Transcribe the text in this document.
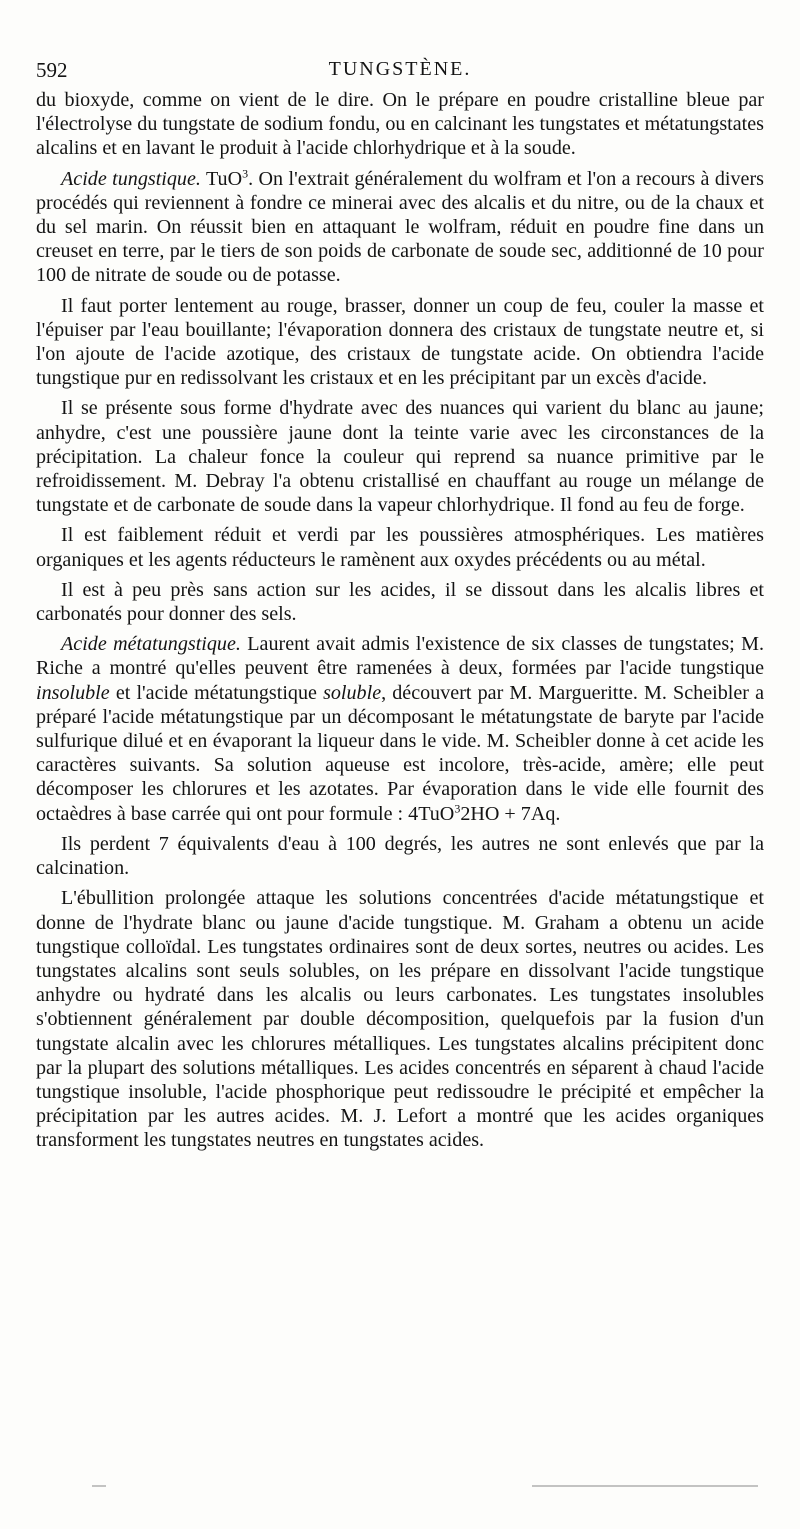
592	TUNGSTÈNE.

du bioxyde, comme on vient de le dire. On le prépare en poudre cristalline bleue par l'électrolyse du tungstate de sodium fondu, ou en calcinant les tungstates et métatungstates alcalins et en lavant le produit à l'acide chlorhydrique et à la soude.

Acide tungstique. TuO$^3$. On l'extrait généralement du wolfram et l'on a recours à divers procédés qui reviennent à fondre ce minerai avec des alcalis et du nitre, ou de la chaux et du sel marin. On réussit bien en attaquant le wolfram, réduit en poudre fine dans un creuset en terre, par le tiers de son poids de carbonate de soude sec, additionné de 10 pour 100 de nitrate de soude ou de potasse.

Il faut porter lentement au rouge, brasser, donner un coup de feu, couler la masse et l'épuiser par l'eau bouillante; l'évaporation donnera des cristaux de tungstate neutre et, si l'on ajoute de l'acide azotique, des cristaux de tungstate acide. On obtiendra l'acide tungstique pur en redissolvant les cristaux et en les précipitant par un excès d'acide.

Il se présente sous forme d'hydrate avec des nuances qui varient du blanc au jaune; anhydre, c'est une poussière jaune dont la teinte varie avec les circonstances de la précipitation. La chaleur fonce la couleur qui reprend sa nuance primitive par le refroidissement. M. Debray l'a obtenu cristallisé en chauffant au rouge un mélange de tungstate et de carbonate de soude dans la vapeur chlorhydrique. Il fond au feu de forge.

Il est faiblement réduit et verdi par les poussières atmosphériques. Les matières organiques et les agents réducteurs le ramènent aux oxydes précédents ou au métal.

Il est à peu près sans action sur les acides, il se dissout dans les alcalis libres et carbonatés pour donner des sels.

Acide métatungstique. Laurent avait admis l'existence de six classes de tungstates; M. Riche a montré qu'elles peuvent être ramenées à deux, formées par l'acide tungstique insoluble et l'acide métatungstique soluble, découvert par M. Margueritte. M. Scheibler a préparé l'acide métatungstique par un décomposant le métatungstate de baryte par l'acide sulfurique dilué et en évaporant la liqueur dans le vide. M. Scheibler donne à cet acide les caractères suivants. Sa solution aqueuse est incolore, très-acide, amère; elle peut décomposer les chlorures et les azotates. Par évaporation dans le vide elle fournit des octaèdres à base carrée qui ont pour formule : 4TuO$^3$2HO + 7Aq.

Ils perdent 7 équivalents d'eau à 100 degrés, les autres ne sont enlevés que par la calcination.

L'ébullition prolongée attaque les solutions concentrées d'acide métatungstique et donne de l'hydrate blanc ou jaune d'acide tungstique. M. Graham a obtenu un acide tungstique colloïdal. Les tungstates ordinaires sont de deux sortes, neutres ou acides. Les tungstates alcalins sont seuls solubles, on les prépare en dissolvant l'acide tungstique anhydre ou hydraté dans les alcalis ou leurs carbonates. Les tungstates insolubles s'obtiennent généralement par double décomposition, quelquefois par la fusion d'un tungstate alcalin avec les chlorures métalliques. Les tungstates alcalins précipitent donc par la plupart des solutions métalliques. Les acides concentrés en séparent à chaud l'acide tungstique insoluble, l'acide phosphorique peut redissoudre le précipité et empêcher la précipitation par les autres acides. M. J. Lefort a montré que les acides organiques transforment les tungstates neutres en tungstates acides.
